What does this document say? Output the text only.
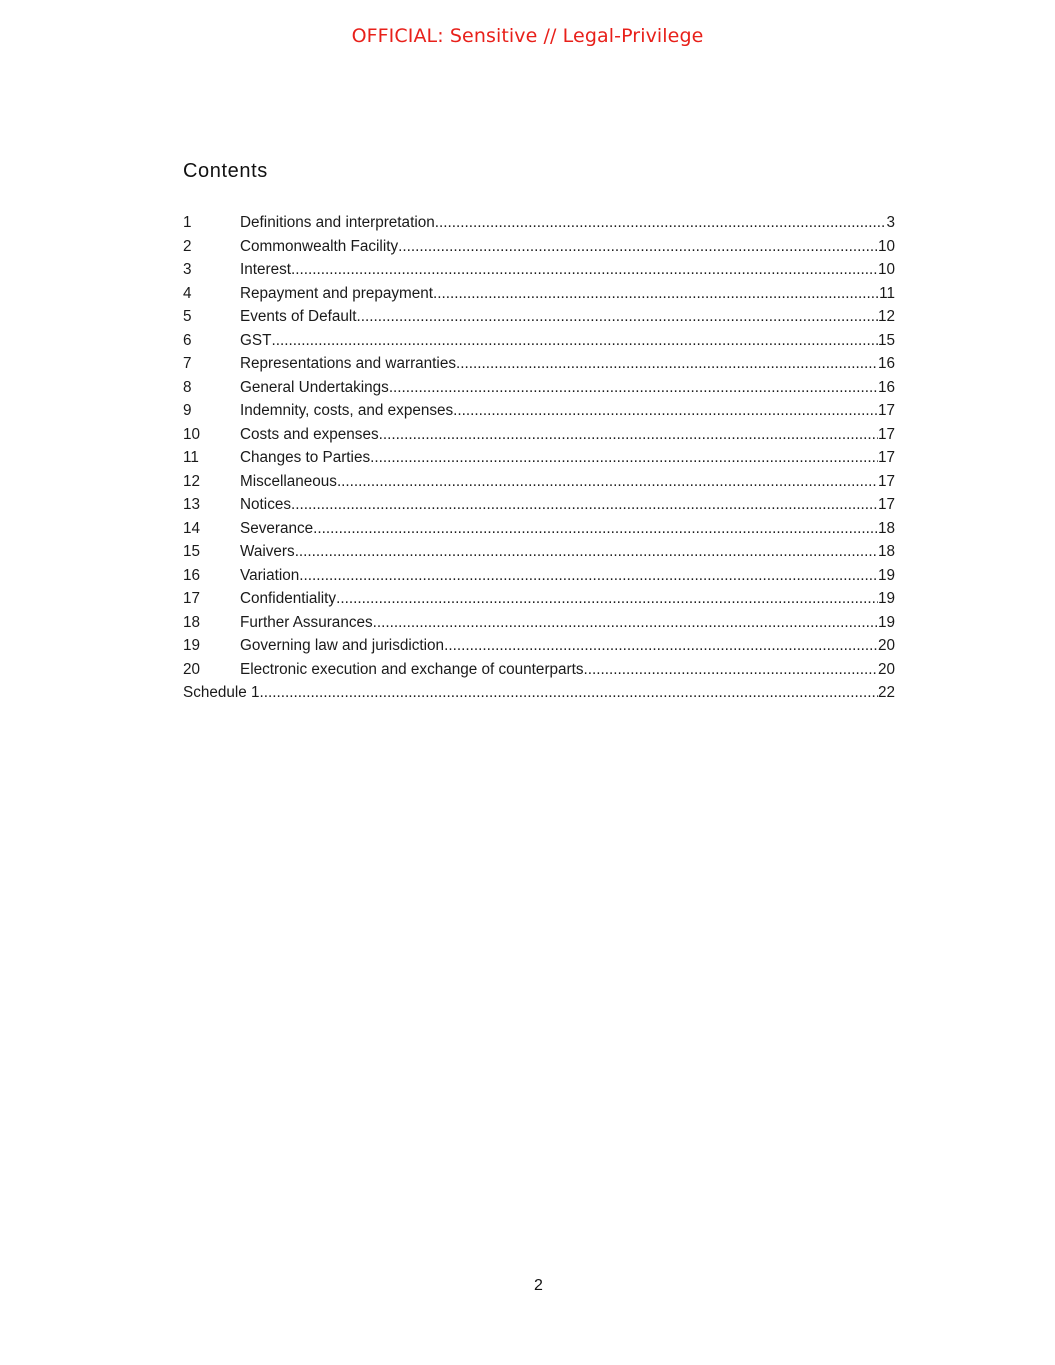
OFFICIAL: Sensitive // Legal-Privilege
Contents
1	Definitions and interpretation .....	3
2	Commonwealth Facility .....	10
3	Interest .....	10
4	Repayment and prepayment .....	11
5	Events of Default .....	12
6	GST .....	15
7	Representations and warranties .....	16
8	General Undertakings .....	16
9	Indemnity, costs, and expenses .....	17
10	Costs and expenses .....	17
11	Changes to Parties .....	17
12	Miscellaneous .....	17
13	Notices .....	17
14	Severance .....	18
15	Waivers .....	18
16	Variation .....	19
17	Confidentiality .....	19
18	Further Assurances .....	19
19	Governing law and jurisdiction .....	20
20	Electronic execution and exchange of counterparts .....	20
Schedule 1 .....	22
2
